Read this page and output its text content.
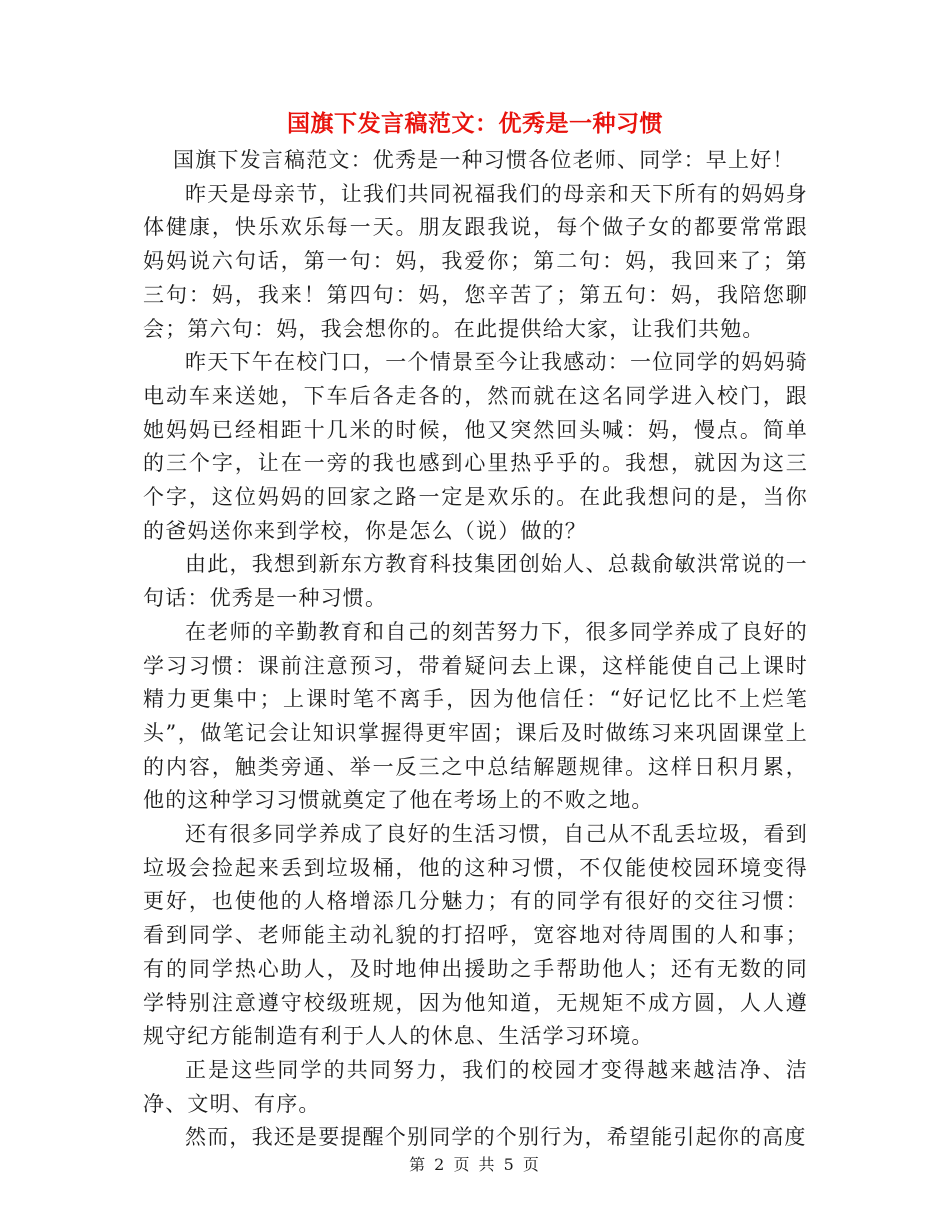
国旗下发言稿范文：优秀是一种习惯

国旗下发言稿范文：优秀是一种习惯各位老师、同学：早上好！

昨天是母亲节，让我们共同祝福我们的母亲和天下所有的妈妈身体健康，快乐欢乐每一天。朋友跟我说，每个做子女的都要常常跟妈妈说六句话，第一句：妈，我爱你；第二句：妈，我回来了；第三句：妈，我来！第四句：妈，您辛苦了；第五句：妈，我陪您聊会；第六句：妈，我会想你的。在此提供给大家，让我们共勉。

昨天下午在校门口，一个情景至今让我感动：一位同学的妈妈骑电动车来送她，下车后各走各的，然而就在这名同学进入校门，跟她妈妈已经相距十几米的时候，他又突然回头喊：妈，慢点。简单的三个字，让在一旁的我也感到心里热乎乎的。我想，就因为这三个字，这位妈妈的回家之路一定是欢乐的。在此我想问的是，当你的爸妈送你来到学校，你是怎么（说）做的？

由此，我想到新东方教育科技集团创始人、总裁俞敏洪常说的一句话：优秀是一种习惯。

在老师的辛勤教育和自己的刻苦努力下，很多同学养成了良好的学习习惯：课前注意预习，带着疑问去上课，这样能使自己上课时精力更集中；上课时笔不离手，因为他信任：“好记忆比不上烂笔头”，做笔记会让知识掌握得更牢固；课后及时做练习来巩固课堂上的内容，触类旁通、举一反三之中总结解题规律。这样日积月累，他的这种学习习惯就奠定了他在考场上的不败之地。

还有很多同学养成了良好的生活习惯，自己从不乱丢垃圾，看到垃圾会捡起来丢到垃圾桶，他的这种习惯，不仅能使校园环境变得更好，也使他的人格增添几分魅力；有的同学有很好的交往习惯：看到同学、老师能主动礼貌的打招呼，宽容地对待周围的人和事；有的同学热心助人，及时地伸出援助之手帮助他人；还有无数的同学特别注意遵守校级班规，因为他知道，无规矩不成方圆，人人遵规守纪方能制造有利于人人的休息、生活学习环境。

正是这些同学的共同努力，我们的校园才变得越来越洁净、洁净、文明、有序。

然而，我还是要提醒个别同学的个别行为，希望能引起你的高度

第 2 页 共 5 页
